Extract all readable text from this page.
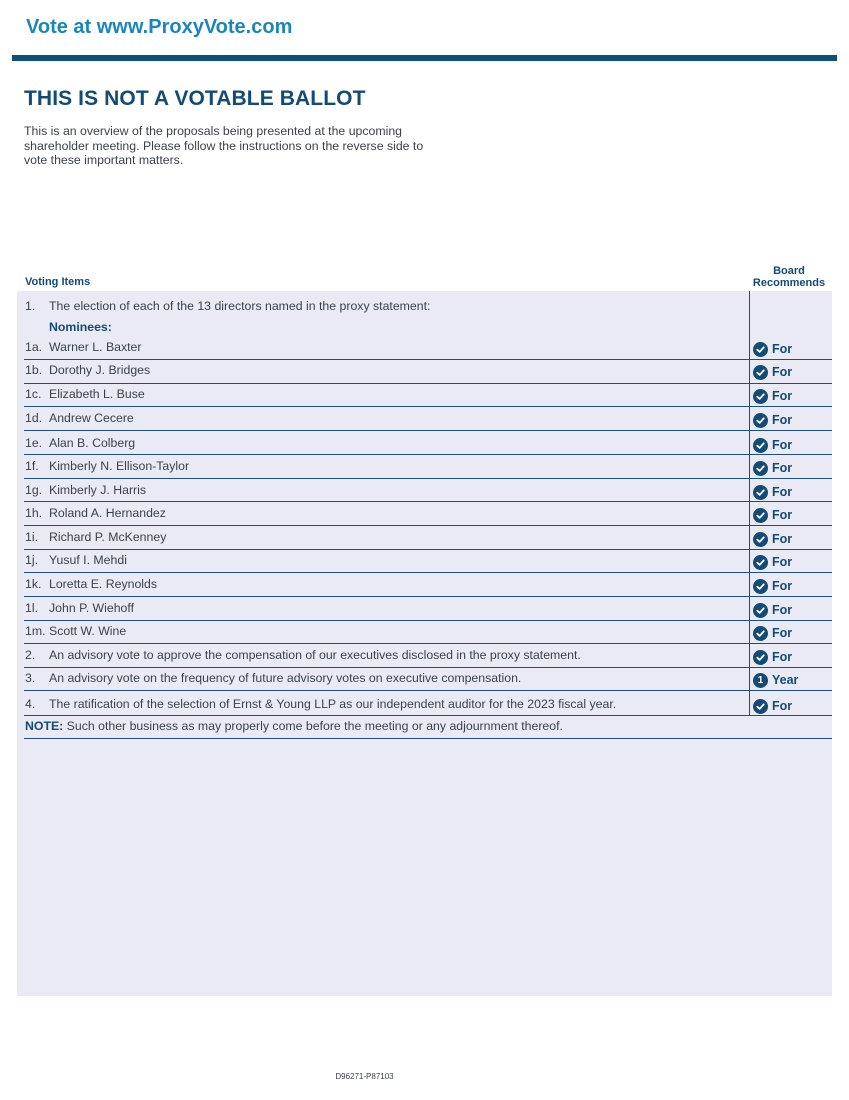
Vote at www.ProxyVote.com
THIS IS NOT A VOTABLE BALLOT
This is an overview of the proposals being presented at the upcoming shareholder meeting. Please follow the instructions on the reverse side to vote these important matters.
Voting Items
Board
Recommends
1. The election of each of the 13 directors named in the proxy statement:
Nominees:
1a. Warner L. Baxter	For
1b. Dorothy J. Bridges	For
1c. Elizabeth L. Buse	For
1d. Andrew Cecere	For
1e. Alan B. Colberg	For
1f. Kimberly N. Ellison-Taylor	For
1g. Kimberly J. Harris	For
1h. Roland A. Hernandez	For
1i. Richard P. McKenney	For
1j. Yusuf I. Mehdi	For
1k. Loretta E. Reynolds	For
1l. John P. Wiehoff	For
1m. Scott W. Wine	For
2. An advisory vote to approve the compensation of our executives disclosed in the proxy statement.	For
3. An advisory vote on the frequency of future advisory votes on executive compensation.	1 Year
4. The ratification of the selection of Ernst & Young LLP as our independent auditor for the 2023 fiscal year.	For
NOTE: Such other business as may properly come before the meeting or any adjournment thereof.
D96271-P87103
